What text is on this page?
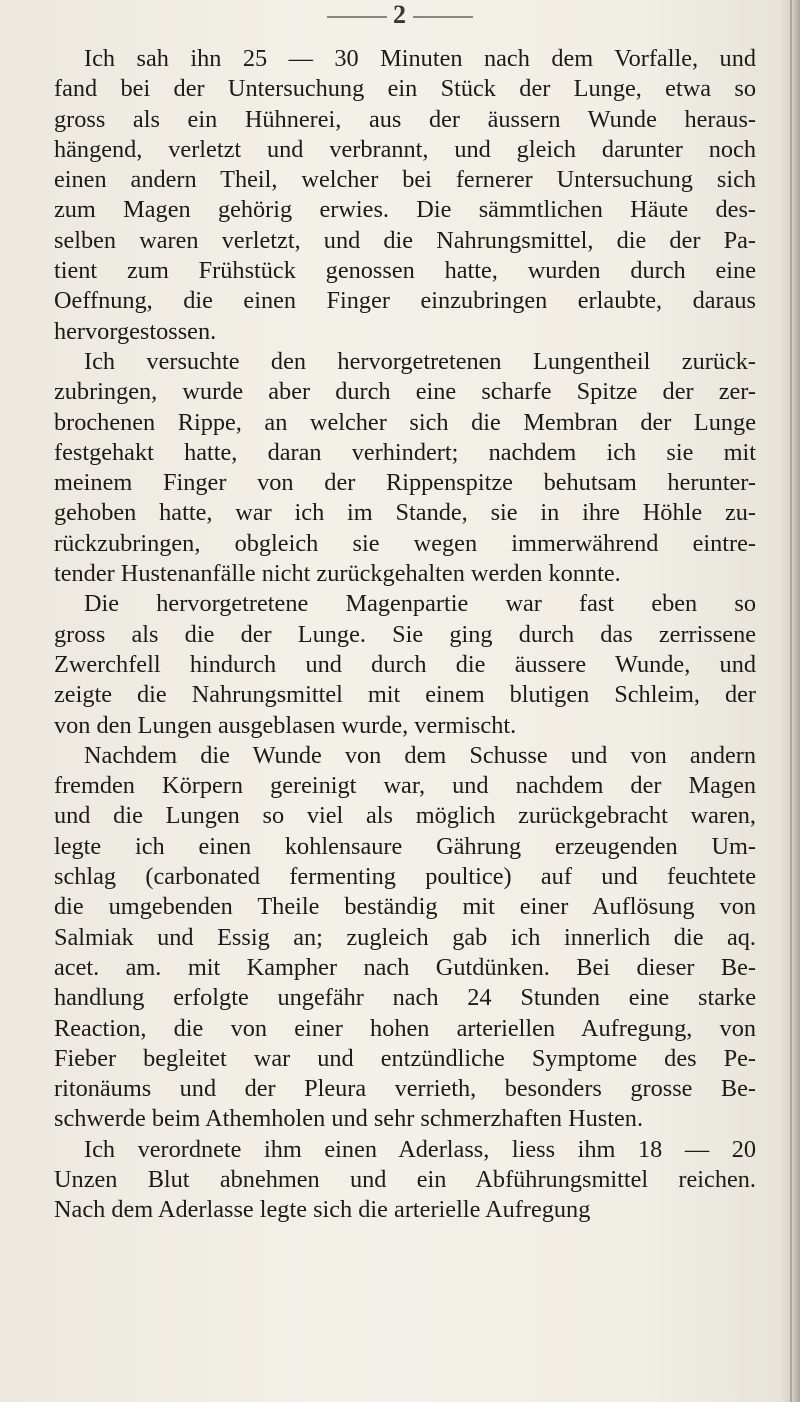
2

Ich sah ihn 25 — 30 Minuten nach dem Vorfalle, und
fand bei der Untersuchung ein Stück der Lunge, etwa so
gross als ein Hühnerei, aus der äussern Wunde heraus-
hängend, verletzt und verbrannt, und gleich darunter noch
einen andern Theil, welcher bei fernerer Untersuchung sich
zum Magen gehörig erwies. Die sämmtlichen Häute des-
selben waren verletzt, und die Nahrungsmittel, die der Pa-
tient zum Frühstück genossen hatte, wurden durch eine
Oeffnung, die einen Finger einzubringen erlaubte, daraus
hervorgestossen.

Ich versuchte den hervorgetretenen Lungentheil zurück-
zubringen, wurde aber durch eine scharfe Spitze der zer-
brochenen Rippe, an welcher sich die Membran der Lunge
festgehakt hatte, daran verhindert; nachdem ich sie mit
meinem Finger von der Rippenspitze behutsam herunter-
gehoben hatte, war ich im Stande, sie in ihre Höhle zu-
rückzubringen, obgleich sie wegen immerwährend eintre-
tender Hustenanfälle nicht zurückgehalten werden konnte.

Die hervorgetretene Magenpartie war fast eben so
gross als die der Lunge. Sie ging durch das zerrissene
Zwerchfell hindurch und durch die äussere Wunde, und
zeigte die Nahrungsmittel mit einem blutigen Schleim, der
von den Lungen ausgeblasen wurde, vermischt.

Nachdem die Wunde von dem Schusse und von andern
fremden Körpern gereinigt war, und nachdem der Magen
und die Lungen so viel als möglich zurückgebracht waren,
legte ich einen kohlensaure Gährung erzeugenden Um-
schlag (carbonated fermenting poultice) auf und feuchtete
die umgebenden Theile beständig mit einer Auflösung von
Salmiak und Essig an; zugleich gab ich innerlich die aq.
acet. am. mit Kampher nach Gutdünken. Bei dieser Be-
handlung erfolgte ungefähr nach 24 Stunden eine starke
Reaction, die von einer hohen arteriellen Aufregung, von
Fieber begleitet war und entzündliche Symptome des Pe-
ritonäums und der Pleura verrieth, besonders grosse Be-
schwerde beim Athemholen und sehr schmerzhaften Husten.

Ich verordnete ihm einen Aderlass, liess ihm 18 — 20
Unzen Blut abnehmen und ein Abführungsmittel reichen.
Nach dem Aderlasse legte sich die arterielle Aufregung
